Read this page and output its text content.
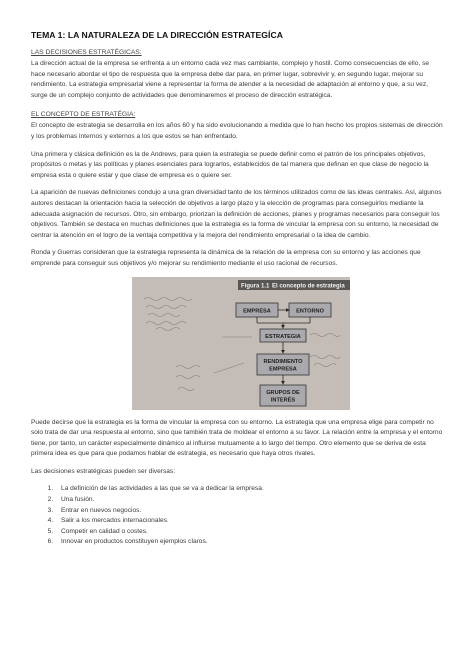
TEMA 1: LA NATURALEZA DE LA DIRECCIÓN ESTRATEGÍCA
LAS DECISIONES ESTRATÉGICAS:

La dirección actual de la empresa se enfrenta a un entorno cada vez mas cambiante, complejo y hostil. Como consecuencias de ello, se hace necesario abordar el tipo de respuesta que la empresa debe dar para, en primer lugar, sobrevivir y, en segundo lugar, mejorar su rendimiento. La estrategia empresarial viene a representar la forma de atender a la necesidad de adaptación al entorno y que, a su vez, surge de un complejo conjunto de actividades que denominaremos el proceso de dirección estratégica.

EL CONCEPTO DE ESTRATÉGIA:

El concepto de estrategia se desarrolla en los años 60 y ha sido evolucionando a medida que lo han hecho los propios sistemas de dirección y los problemas internos y externos a los que estos se han enfrentado.

Una primera y clásica definición es la de Andrews, para quien la estrategia se puede definir como el patrón de los principales objetivos, propósitos o metas y las políticas y planes esenciales para lograrlos, establecidos de tal manera que definan en que clase de negocio la empresa esta o quiere estar y que clase de empresa es o quiere ser.

La aparición de nuevas definiciones condujo a una gran diversidad tanto de los términos utilizados como de las ideas centrales. Así, algunos autores destacan la orientación hacia la selección de objetivos a largo plazo y la elección de programas para conseguirlos mediante la adecuada asignación de recursos. Otro, sin embargo, priorizan la definición de acciones, planes y programas necesarios para conseguir los objetivos. También se destaca en muchas definiciones que la estrategia es la forma de vincular la empresa con su entorno, la necesidad de centrar la atención en el logro de la ventaja competitiva y la mejora del rendimiento empresarial o la idea de cambio.

Ronda y Guerras consideran que la estrategia representa la dinámica de la relación de la empresa con su entorno y las acciones que emprende para conseguir sus objetivos y/o mejorar su rendimiento mediante el uso racional de recursos.

Figura 1.1 El concepto de estrategia
EMPRESA	ENTORNO
ESTRATEGIA
RENDIMIENTO
EMPRESA
GRUPOS DE
INTERÉS

Puede decirse que la estrategia es la forma de vincular la empresa con su entorno. La estrategia que una empresa elige para competir no solo trata de dar una respuesta al entorno, sino que también trata de moldear el entorno a su favor. La relación entre la empresa y el entorno tiene, por tanto, un carácter especialmente dinámico al influirse mutuamente a lo largo del tiempo. Otro elemento que se deriva de esta primera idea es que para que podamos hablar de estrategia, es necesario que haya otros rivales.

Las decisiones estratégicas pueden ser diversas:

1. La definición de las actividades a las que se va a dedicar la empresa.
2. Una fusión.
3. Entrar en nuevos negocios.
4. Salir a los mercados internacionales.
5. Competir en calidad o costes.
6. Innovar en productos constituyen ejemplos claros.
